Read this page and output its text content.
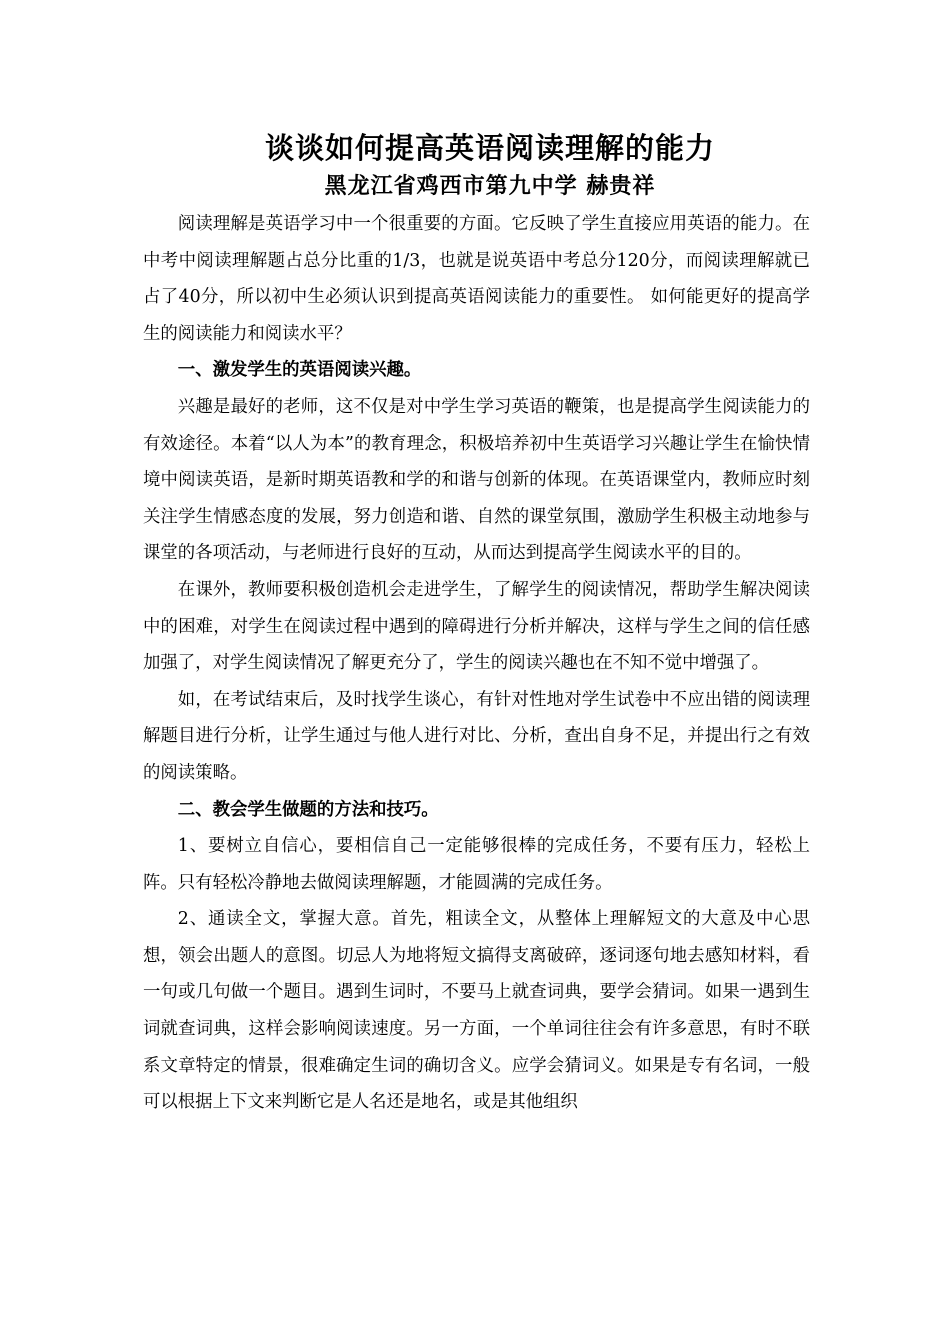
谈谈如何提高英语阅读理解的能力
黑龙江省鸡西市第九中学 赫贵祥

阅读理解是英语学习中一个很重要的方面。它反映了学生直接应用英语的能力。在中考中阅读理解题占总分比重的1/3，也就是说英语中考总分120分，而阅读理解就已占了40分，所以初中生必须认识到提高英语阅读能力的重要性。 如何能更好的提高学生的阅读能力和阅读水平？

一、激发学生的英语阅读兴趣。

兴趣是最好的老师，这不仅是对中学生学习英语的鞭策，也是提高学生阅读能力的有效途径。本着“以人为本”的教育理念，积极培养初中生英语学习兴趣让学生在愉快情境中阅读英语，是新时期英语教和学的和谐与创新的体现。在英语课堂内，教师应时刻关注学生情感态度的发展，努力创造和谐、自然的课堂氛围，激励学生积极主动地参与课堂的各项活动，与老师进行良好的互动，从而达到提高学生阅读水平的目的。

在课外，教师要积极创造机会走进学生，了解学生的阅读情况，帮助学生解决阅读中的困难，对学生在阅读过程中遇到的障碍进行分析并解决，这样与学生之间的信任感加强了，对学生阅读情况了解更充分了，学生的阅读兴趣也在不知不觉中增强了。

如，在考试结束后，及时找学生谈心，有针对性地对学生试卷中不应出错的阅读理解题目进行分析，让学生通过与他人进行对比、分析，查出自身不足，并提出行之有效的阅读策略。

二、教会学生做题的方法和技巧。

1、要树立自信心，要相信自己一定能够很棒的完成任务，不要有压力，轻松上阵。只有轻松冷静地去做阅读理解题，才能圆满的完成任务。

2、通读全文，掌握大意。首先，粗读全文，从整体上理解短文的大意及中心思想，领会出题人的意图。切忌人为地将短文搞得支离破碎，逐词逐句地去感知材料，看一句或几句做一个题目。遇到生词时，不要马上就查词典，要学会猜词。如果一遇到生词就查词典，这样会影响阅读速度。另一方面，一个单词往往会有许多意思，有时不联系文章特定的情景，很难确定生词的确切含义。应学会猜词义。如果是专有名词，一般可以根据上下文来判断它是人名还是地名，或是其他组织
